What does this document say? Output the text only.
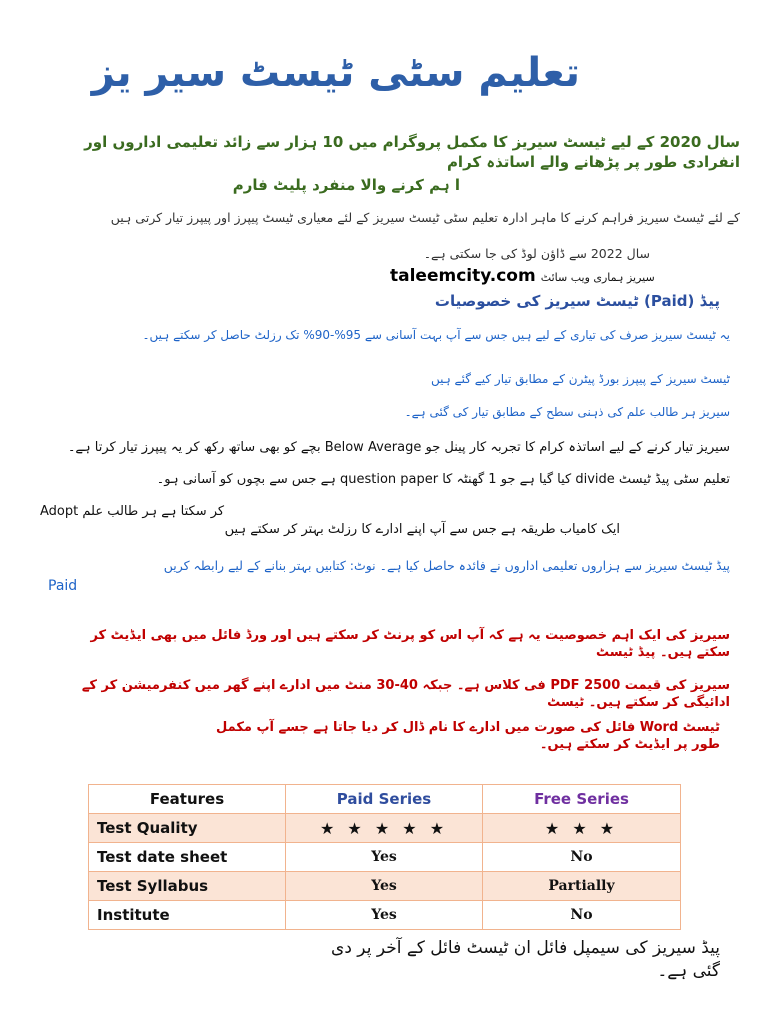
تعلیم سٹی ٹیسٹ سیر یز
سال 2020 کے لیے ٹیسٹ سیریز کا مکمل پروگرام میں 10 ہزار سے زائد تعلیمی اداروں اور انفرادی طور پر پڑھانے والے اساتذہ کرام
ا ہم کرنے والا منفرد پلیٹ فارم
کے لئے ٹیسٹ سیریز فراہم کرنے کا ماہر ادارہ تعلیم سٹی ٹیسٹ سیریز کے لئے معیاری ٹیسٹ پیپرز اور پیپرز تیار کرتی ہیں
سال 2022 سے ڈاؤن لوڈ کی جا سکتی ہے۔
taleemcity.com سیریز ہماری ویب سائٹ
پیڈ (Paid) ٹیسٹ سیریز کی خصوصیات
یہ ٹیسٹ سیریز صرف کی تیاری کے لیے ہیں جس سے آپ بہت آسانی سے 95%-90% تک رزلٹ حاصل کر سکتے ہیں۔
ٹیسٹ سیریز کے پیپرز بورڈ پیٹرن کے مطابق تیار کیے گئے ہیں
سیریز ہر طالب علم کی ذہنی سطح کے مطابق تیار کی گئی ہے۔
سیریز تیار کرنے کے لیے اساتذہ کرام کا تجربہ کار پینل جو Below Average بچے کو بھی ساتھ رکھ کر یہ پیپرز تیار کرتا ہے۔
تعلیم سٹی پیڈ ٹیسٹ divide کیا گیا ہے جو 1 گھنٹہ کا question paper ہے جس سے بچوں کو آسانی ہو۔
Adopt کر سکتا ہے ہر طالب علم
ایک کامیاب طریقہ ہے جس سے آپ اپنے ادارے کا رزلٹ بہتر کر سکتے ہیں
Paid
پیڈ ٹیسٹ سیریز سے ہزاروں تعلیمی اداروں نے فائدہ حاصل کیا ہے۔ نوٹ: کتابیں بہتر بنانے کے لیے رابطہ کریں
سیریز کی ایک اہم خصوصیت یہ ہے کہ آپ اس کو پرنٹ کر سکتے ہیں اور ورڈ فائل میں بھی ایڈیٹ کر سکتے ہیں۔ پیڈ ٹیسٹ
سیریز کی قیمت 2500 PDF فی کلاس ہے۔ جبکہ 40-30 منٹ میں ادارے اپنے گھر میں کنفرمیشن کر کے ادائیگی کر سکتے ہیں۔ ٹیسٹ
ٹیسٹ Word فائل کی صورت میں ادارے کا نام ڈال کر دیا جاتا ہے جسے آپ مکمل طور پر ایڈیٹ کر سکتے ہیں۔
Features	Paid Series	Free Series
Test Quality	★ ★ ★ ★ ★	★ ★ ★
Test date sheet	Yes	No
Test Syllabus	Yes	Partially
Institute	Yes	No
پیڈ سیریز کی سیمپل فائل ان ٹیسٹ فائل کے آخر پر دی گئی ہے۔
